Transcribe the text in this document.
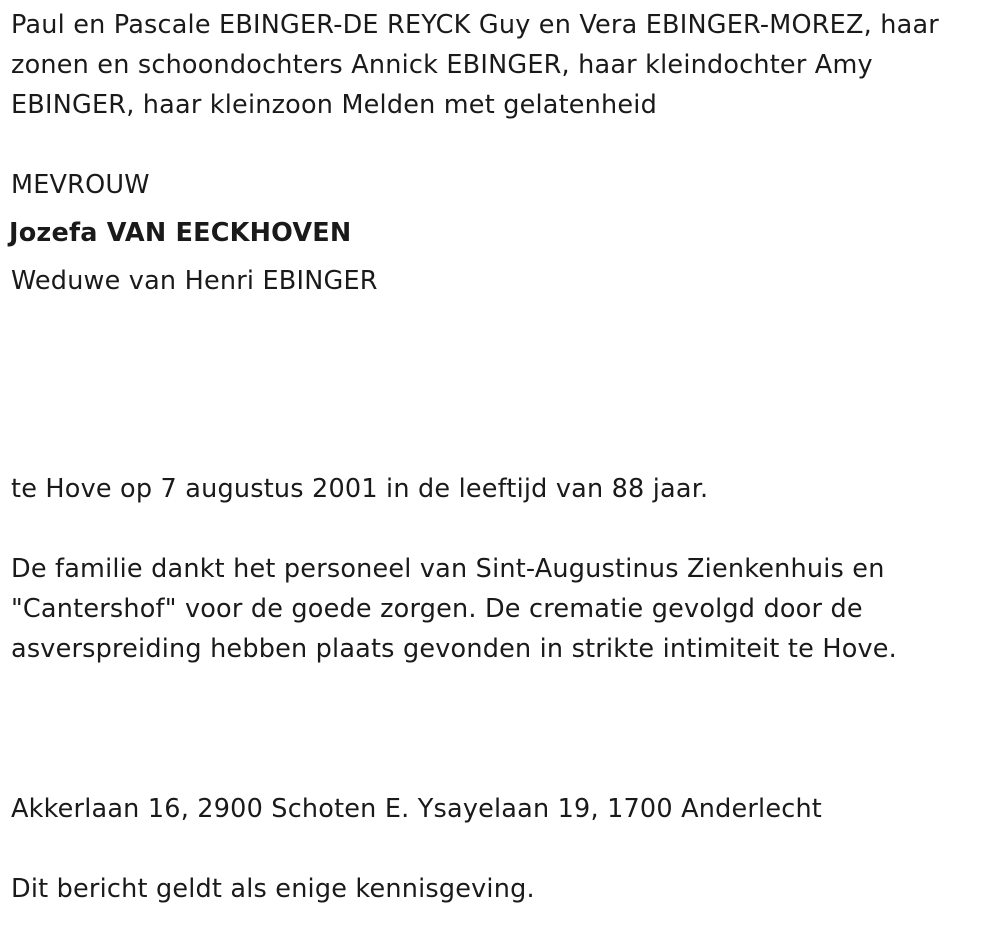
Paul en Pascale EBINGER-DE REYCK Guy en Vera EBINGER-MOREZ, haar
zonen en schoondochters Annick EBINGER, haar kleindochter Amy
EBINGER, haar kleinzoon Melden met gelatenheid
MEVROUW
Jozefa VAN EECKHOVEN
Weduwe van Henri EBINGER
te Hove op 7 augustus 2001 in de leeftijd van 88 jaar.
De familie dankt het personeel van Sint-Augustinus Zienkenhuis en
"Cantershof" voor de goede zorgen. De crematie gevolgd door de
asverspreiding hebben plaats gevonden in strikte intimiteit te Hove.
Akkerlaan 16, 2900 Schoten E. Ysayelaan 19, 1700 Anderlecht
Dit bericht geldt als enige kennisgeving.
